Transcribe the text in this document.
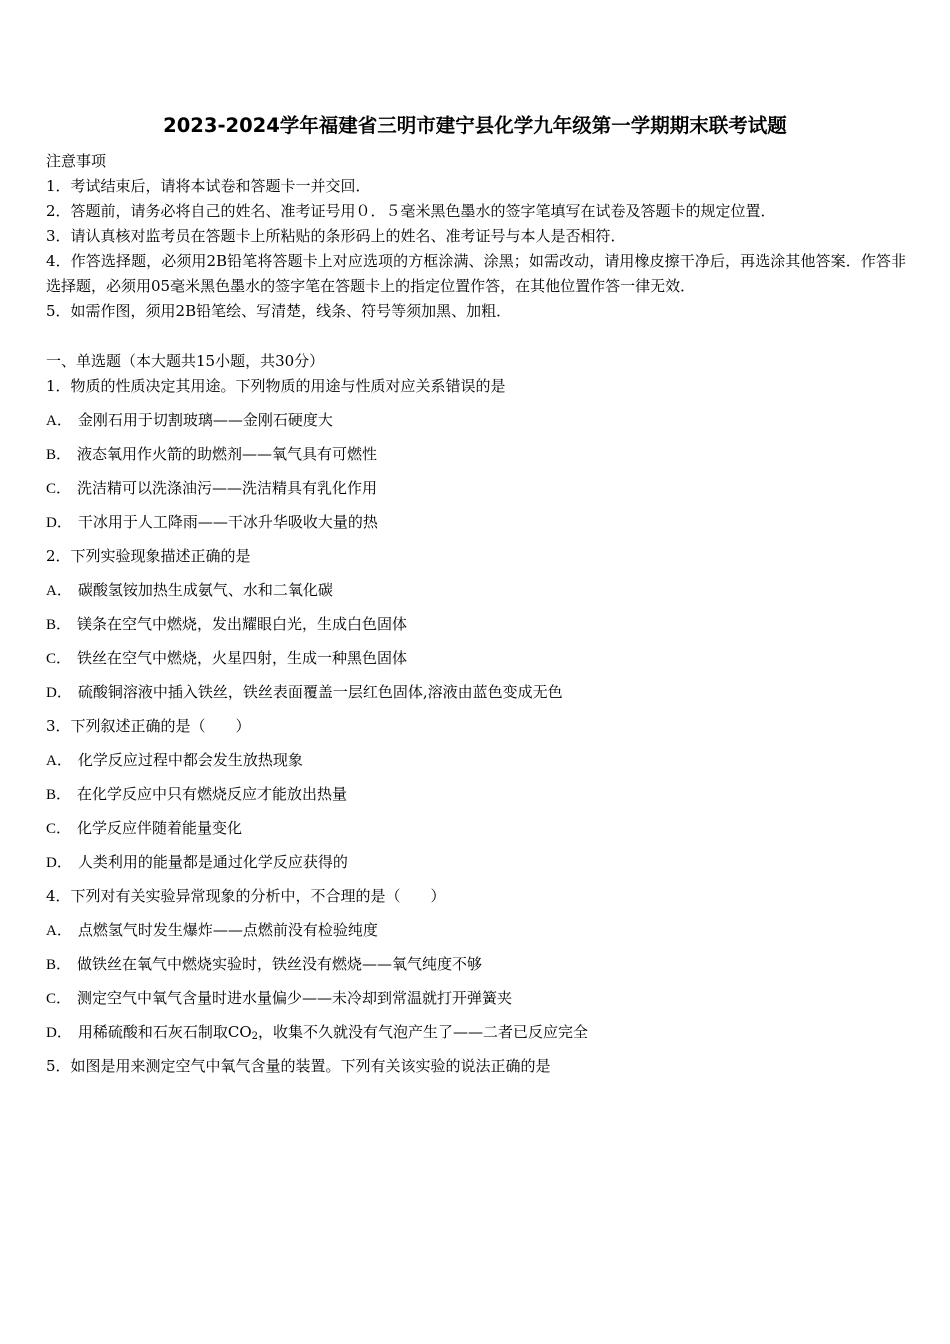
2023-2024学年福建省三明市建宁县化学九年级第一学期期末联考试题
注意事项
1．考试结束后，请将本试卷和答题卡一并交回．
2．答题前，请务必将自己的姓名、准考证号用０．５毫米黑色墨水的签字笔填写在试卷及答题卡的规定位置．
3．请认真核对监考员在答题卡上所粘贴的条形码上的姓名、准考证号与本人是否相符．
4．作答选择题，必须用2B铅笔将答题卡上对应选项的方框涂满、涂黑；如需改动，请用橡皮擦干净后，再选涂其他答案．作答非选择题，必须用05毫米黑色墨水的签字笔在答题卡上的指定位置作答，在其他位置作答一律无效．
5．如需作图，须用2B铅笔绘、写清楚，线条、符号等须加黑、加粗．
一、单选题（本大题共15小题，共30分）
1．物质的性质决定其用途。下列物质的用途与性质对应关系错误的是
A． 金刚石用于切割玻璃——金刚石硬度大
B． 液态氧用作火箭的助燃剂——氧气具有可燃性
C． 洗洁精可以洗涤油污——洗洁精具有乳化作用
D． 干冰用于人工降雨——干冰升华吸收大量的热
2．下列实验现象描述正确的是
A． 碳酸氢铵加热生成氨气、水和二氧化碳
B． 镁条在空气中燃烧，发出耀眼白光，生成白色固体
C． 铁丝在空气中燃烧，火星四射，生成一种黑色固体
D． 硫酸铜溶液中插入铁丝，铁丝表面覆盖一层红色固体,溶液由蓝色变成无色
3．下列叙述正确的是（　　）
A． 化学反应过程中都会发生放热现象
B． 在化学反应中只有燃烧反应才能放出热量
C． 化学反应伴随着能量变化
D． 人类利用的能量都是通过化学反应获得的
4．下列对有关实验异常现象的分析中，不合理的是（　　）
A． 点燃氢气时发生爆炸——点燃前没有检验纯度
B． 做铁丝在氧气中燃烧实验时，铁丝没有燃烧——氧气纯度不够
C． 测定空气中氧气含量时进水量偏少——未冷却到常温就打开弹簧夹
D． 用稀硫酸和石灰石制取$CO_2$，收集不久就没有气泡产生了——二者已反应完全
5．如图是用来测定空气中氧气含量的装置。下列有关该实验的说法正确的是
